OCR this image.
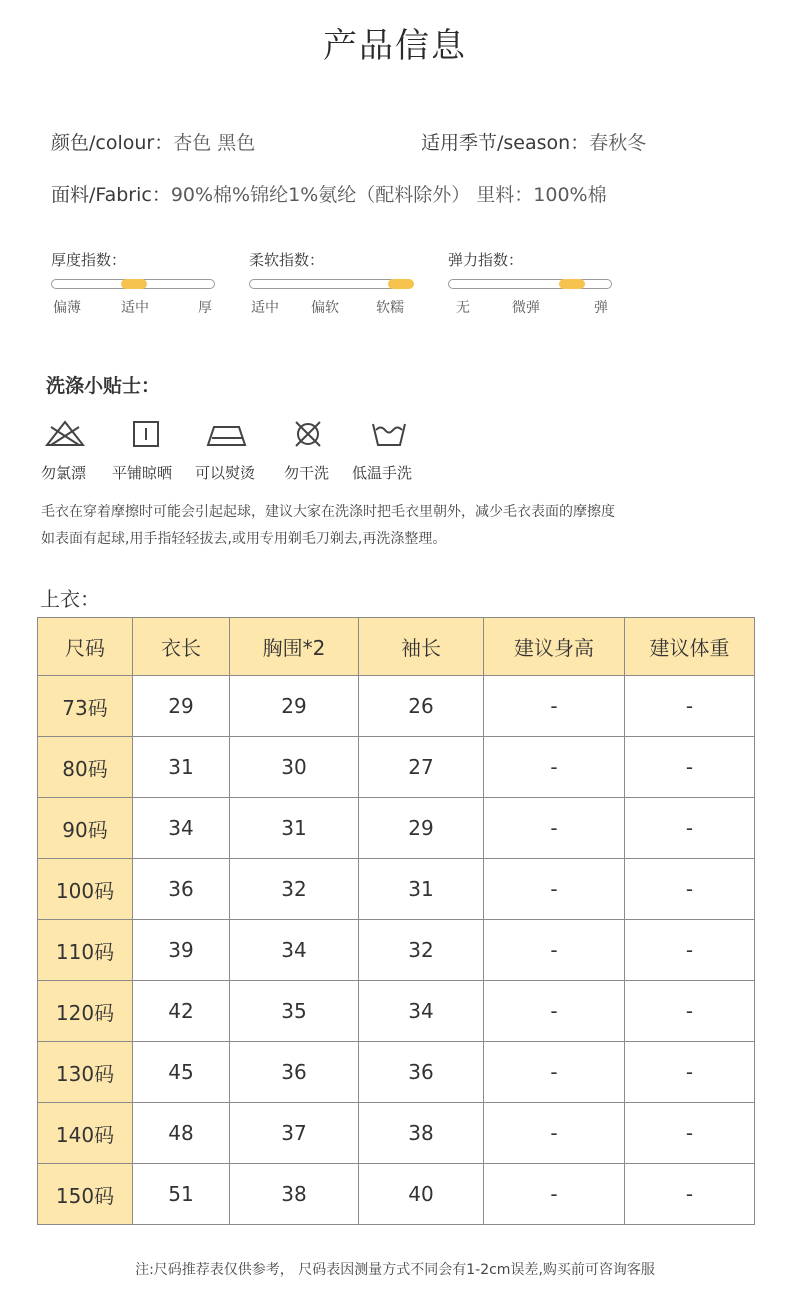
产品信息
颜色/colour：杏色 黑色	适用季节/season：春秋冬
面料/Fabric：90%棉%锦纶1%氨纶（配料除外） 里料：100%棉
厚度指数：
偏薄	适中	厚
柔软指数：
适中 偏软	软糯
弹力指数：
无	微弹	弹
洗涤小贴士：
勿氯漂 平铺晾晒 可以熨烫 勿干洗 低温手洗
毛衣在穿着摩擦时可能会引起起球，建议大家在洗涤时把毛衣里朝外，减少毛衣表面的摩擦度
如表面有起球,用手指轻轻拔去,或用专用剃毛刀剃去,再洗涤整理。
上衣：
尺码	衣长	胸围*2	袖长	建议身高	建议体重
73码	29	29	26	-	-
80码	31	30	27	-	-
90码	34	31	29	-	-
100码	36	32	31	-	-
110码	39	34	32	-	-
120码	42	35	34	-	-
130码	45	36	36	-	-
140码	48	37	38	-	-
150码	51	38	40	-	-
注:尺码推荐表仅供参考， 尺码表因测量方式不同会有1-2cm误差,购买前可咨询客服
